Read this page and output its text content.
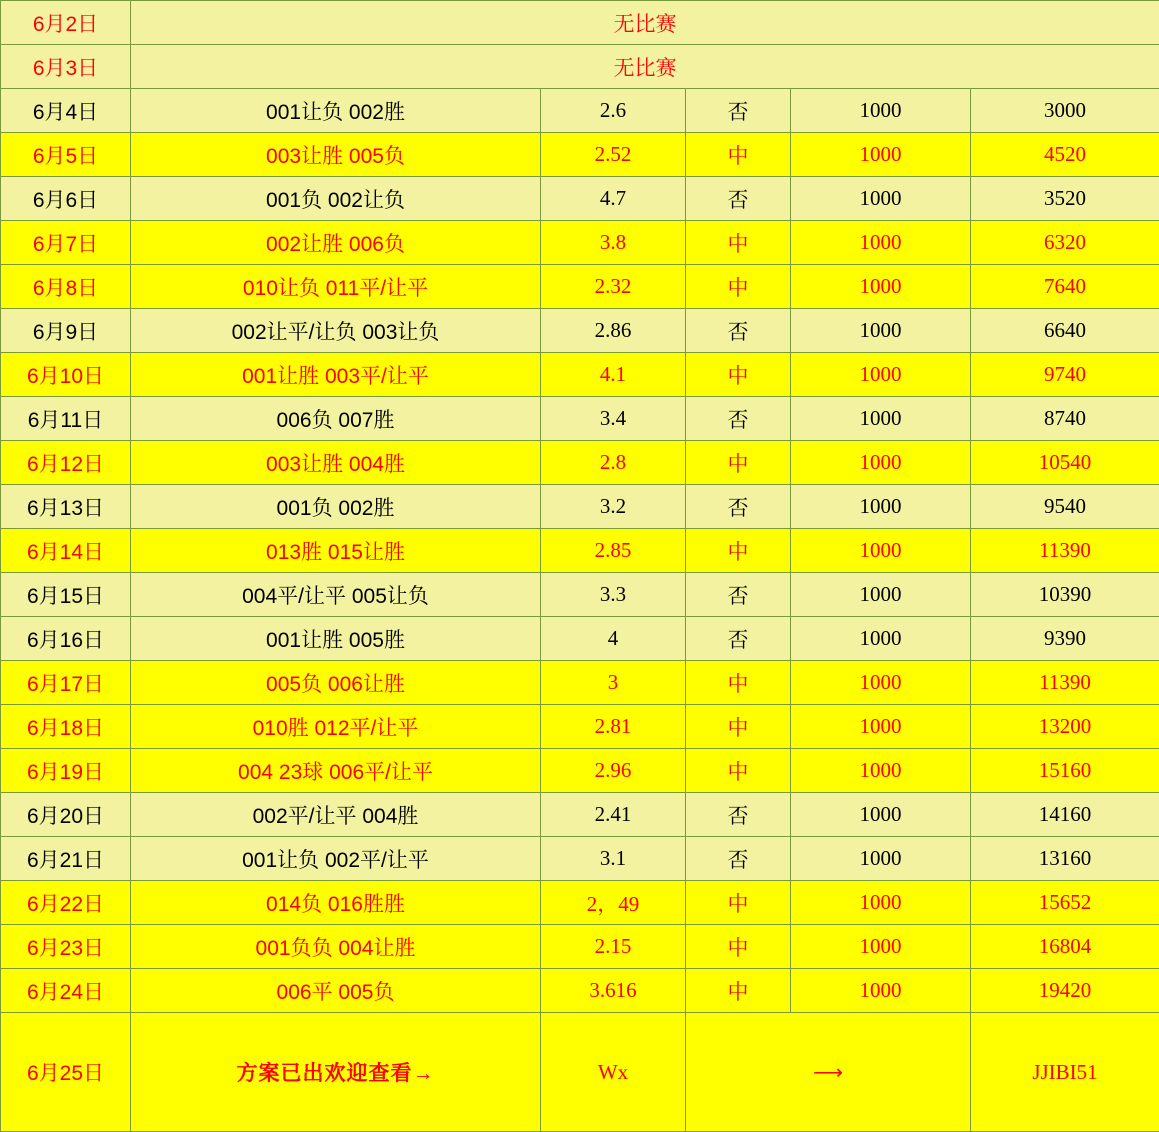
6月2日	无比赛				
6月3日	无比赛				
6月4日	001让负 002胜	2.6	否	1000	3000
6月5日	003让胜 005负	2.52	中	1000	4520
6月6日	001负 002让负	4.7	否	1000	3520
6月7日	002让胜 006负	3.8	中	1000	6320
6月8日	010让负 011平/让平	2.32	中	1000	7640
6月9日	002让平/让负 003让负	2.86	否	1000	6640
6月10日	001让胜 003平/让平	4.1	中	1000	9740
6月11日	006负 007胜	3.4	否	1000	8740
6月12日	003让胜 004胜	2.8	中	1000	10540
6月13日	001负 002胜	3.2	否	1000	9540
6月14日	013胜 015让胜	2.85	中	1000	11390
6月15日	004平/让平 005让负	3.3	否	1000	10390
6月16日	001让胜 005胜	4	否	1000	9390
6月17日	005负 006让胜	3	中	1000	11390
6月18日	010胜 012平/让平	2.81	中	1000	13200
6月19日	004 23球 006平/让平	2.96	中	1000	15160
6月20日	002平/让平 004胜	2.41	否	1000	14160
6月21日	001让负 002平/让平	3.1	否	1000	13160
6月22日	014负 016胜胜	2，49	中	1000	15652
6月23日	001负负 004让胜	2.15	中	1000	16804
6月24日	006平 005负	3.616	中	1000	19420
6月25日	方案已出欢迎查看→	Wx	⟶		JJIBI51
